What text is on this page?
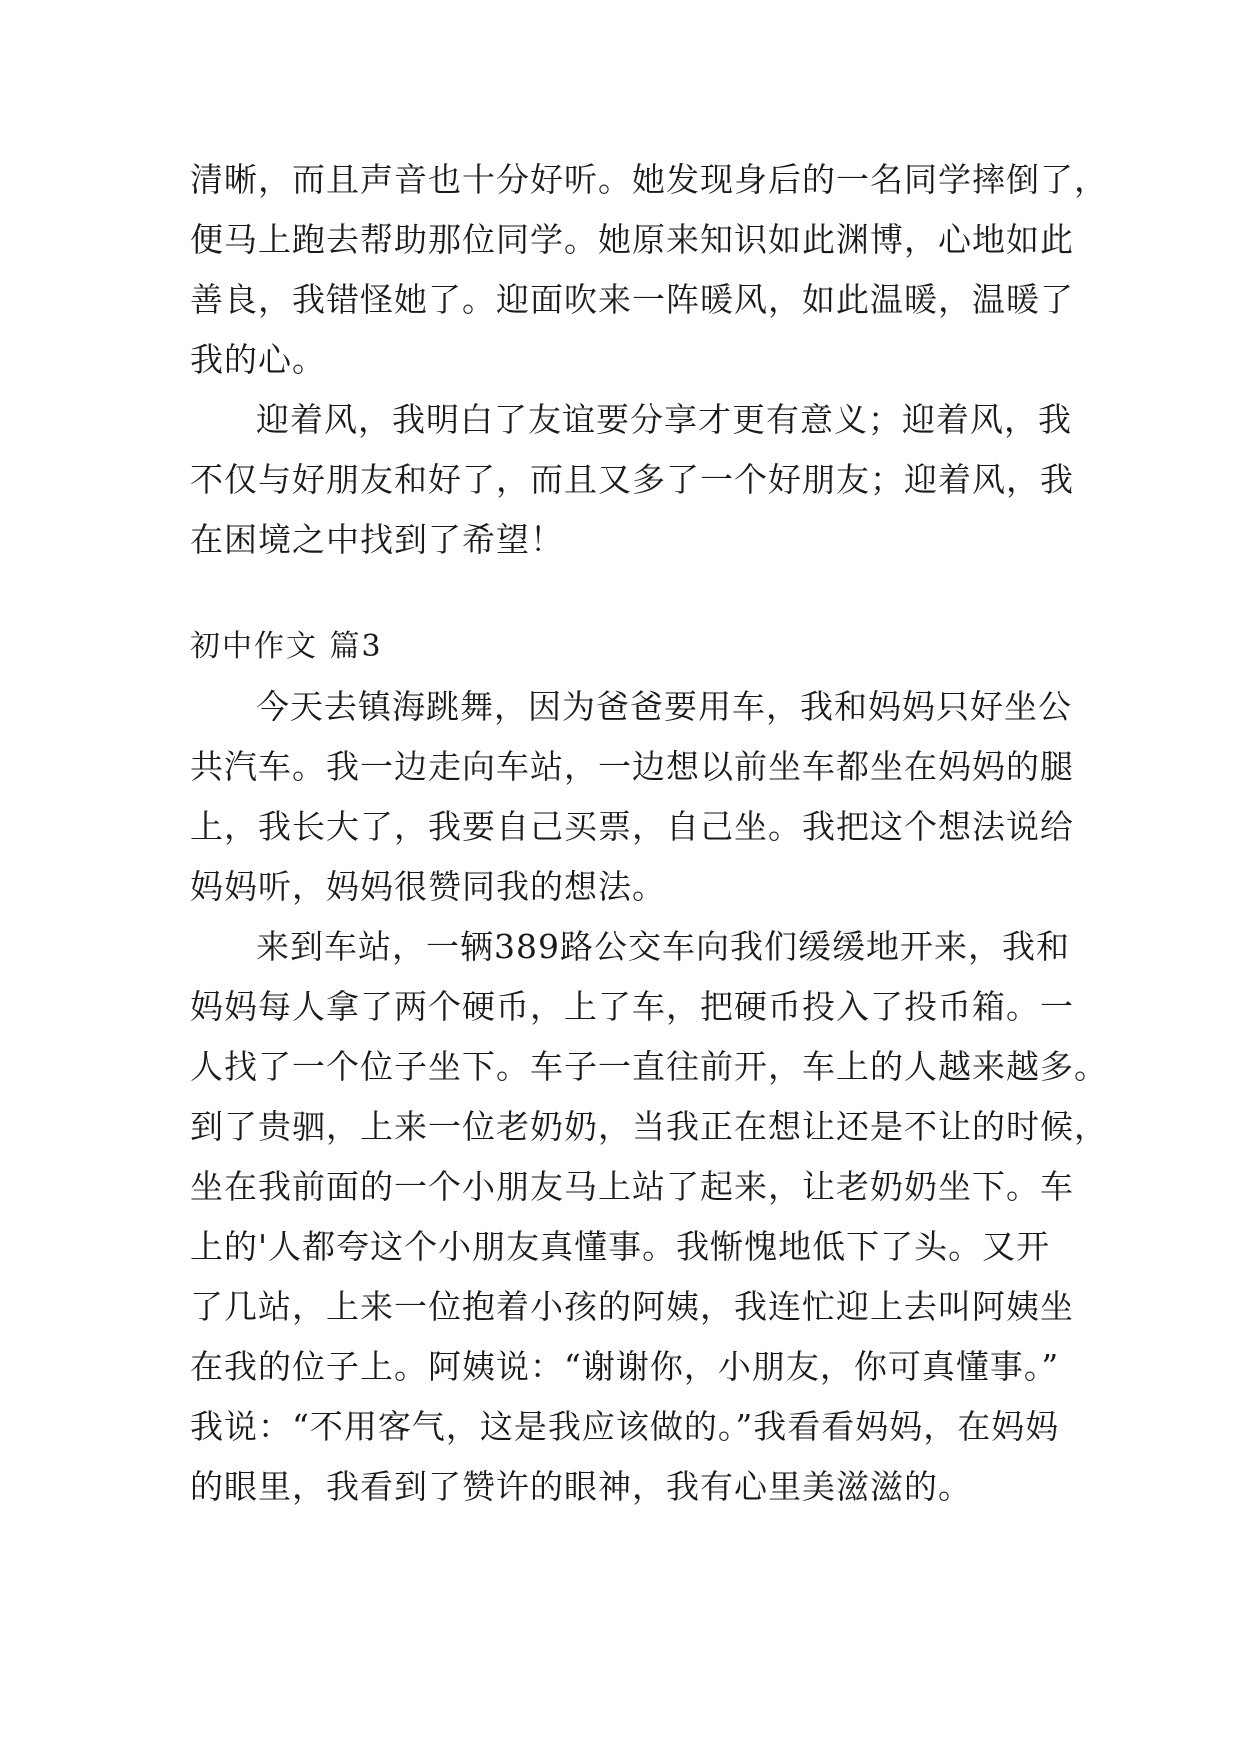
清晰，而且声音也十分好听。她发现身后的一名同学摔倒了，
便马上跑去帮助那位同学。她原来知识如此渊博，心地如此
善良，我错怪她了。迎面吹来一阵暖风，如此温暖，温暖了
我的心。
迎着风，我明白了友谊要分享才更有意义；迎着风，我
不仅与好朋友和好了，而且又多了一个好朋友；迎着风，我
在困境之中找到了希望！
初中作文 篇3
今天去镇海跳舞，因为爸爸要用车，我和妈妈只好坐公
共汽车。我一边走向车站，一边想以前坐车都坐在妈妈的腿
上，我长大了，我要自己买票，自己坐。我把这个想法说给
妈妈听，妈妈很赞同我的想法。
来到车站，一辆389路公交车向我们缓缓地开来，我和
妈妈每人拿了两个硬币，上了车，把硬币投入了投币箱。一
人找了一个位子坐下。车子一直往前开，车上的人越来越多。
到了贵驷，上来一位老奶奶，当我正在想让还是不让的时候，
坐在我前面的一个小朋友马上站了起来，让老奶奶坐下。车
上的'人都夸这个小朋友真懂事。我惭愧地低下了头。又开
了几站，上来一位抱着小孩的阿姨，我连忙迎上去叫阿姨坐
在我的位子上。阿姨说：“谢谢你，小朋友，你可真懂事。”
我说：“不用客气，这是我应该做的。”我看看妈妈，在妈妈
的眼里，我看到了赞许的眼神，我有心里美滋滋的。
